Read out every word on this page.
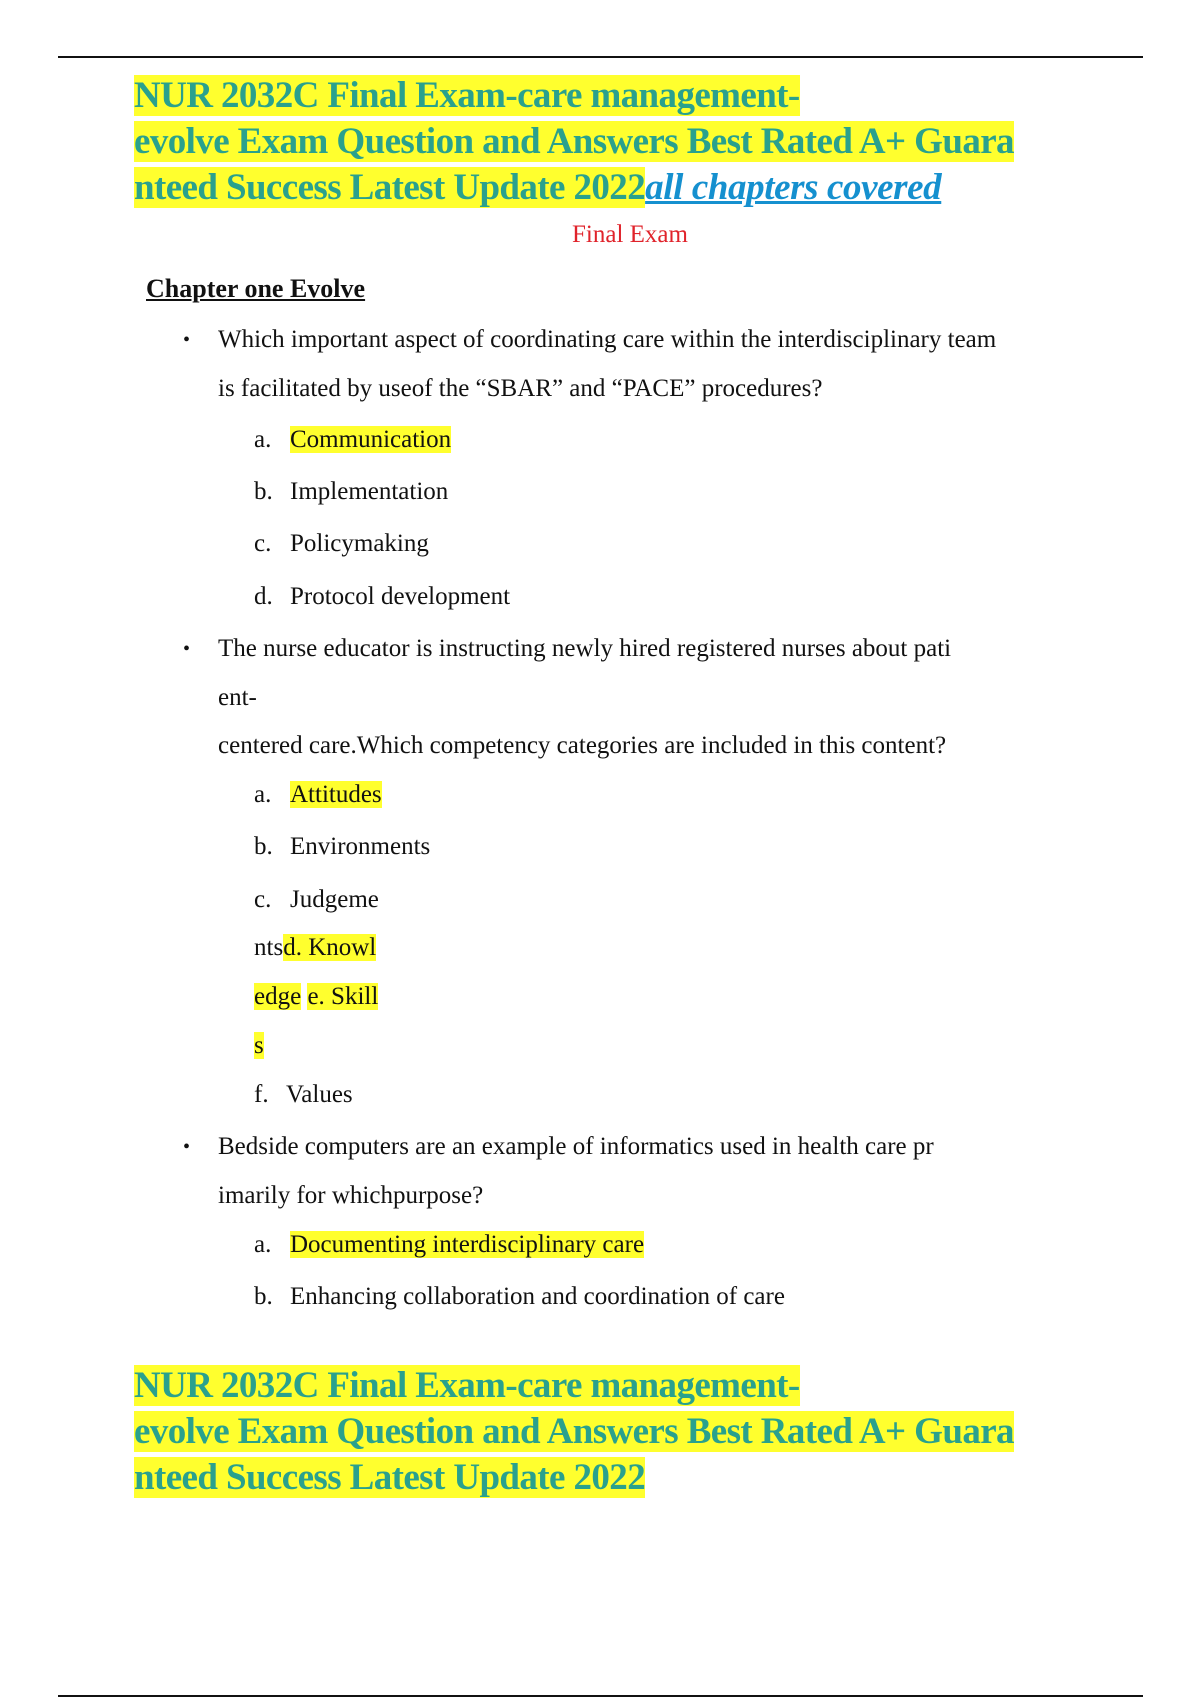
NUR 2032C Final Exam-care management-
evolve Exam Question and Answers Best Rated A+ Guara
nteed Success Latest Update 2022all chapters covered
Final Exam
Chapter one Evolve
• Which important aspect of coordinating care within the interdisciplinary team
is facilitated by useof the “SBAR” and “PACE” procedures?
a. Communication
b. Implementation
c. Policymaking
d. Protocol development
• The nurse educator is instructing newly hired registered nurses about pati
ent-
centered care.Which competency categories are included in this content?
a. Attitudes
b. Environments
c. Judgeme
ntsd. Knowl
edge e. Skill
s
f. Values
• Bedside computers are an example of informatics used in health care pr
imarily for whichpurpose?
a. Documenting interdisciplinary care
b. Enhancing collaboration and coordination of care
NUR 2032C Final Exam-care management-
evolve Exam Question and Answers Best Rated A+ Guara
nteed Success Latest Update 2022
